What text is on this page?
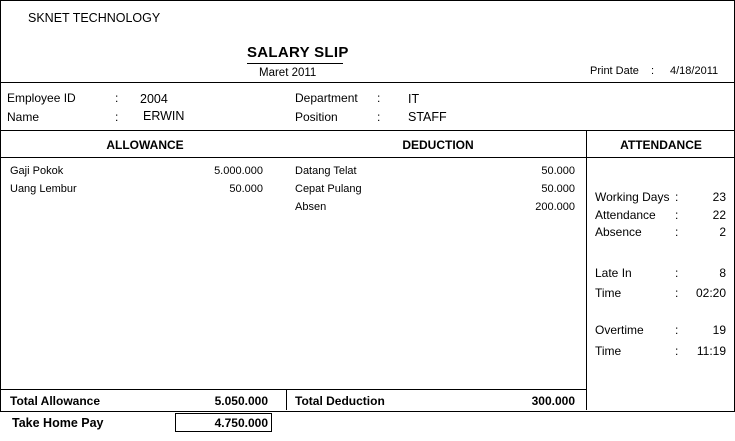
SKNET TECHNOLOGY
SALARY SLIP
Maret 2011	Print Date : 4/18/2011
Employee ID	: 2004
Name	: ERWIN
Department : IT
Position	: STAFF
ALLOWANCE	DEDUCTION	ATTENDANCE
Gaji Pokok	5.000.000
Uang Lembur	50.000
Datang Telat	50.000
Cepat Pulang	50.000
Absen	200.000
Working Days :	23
Attendance :	22
Absence	:	2
Late In	:	8
Time	:	02:20
Overtime	:	19
Time	:	11:19
Total Allowance	5.050.000 Total Deduction	300.000
Take Home Pay	4.750.000
